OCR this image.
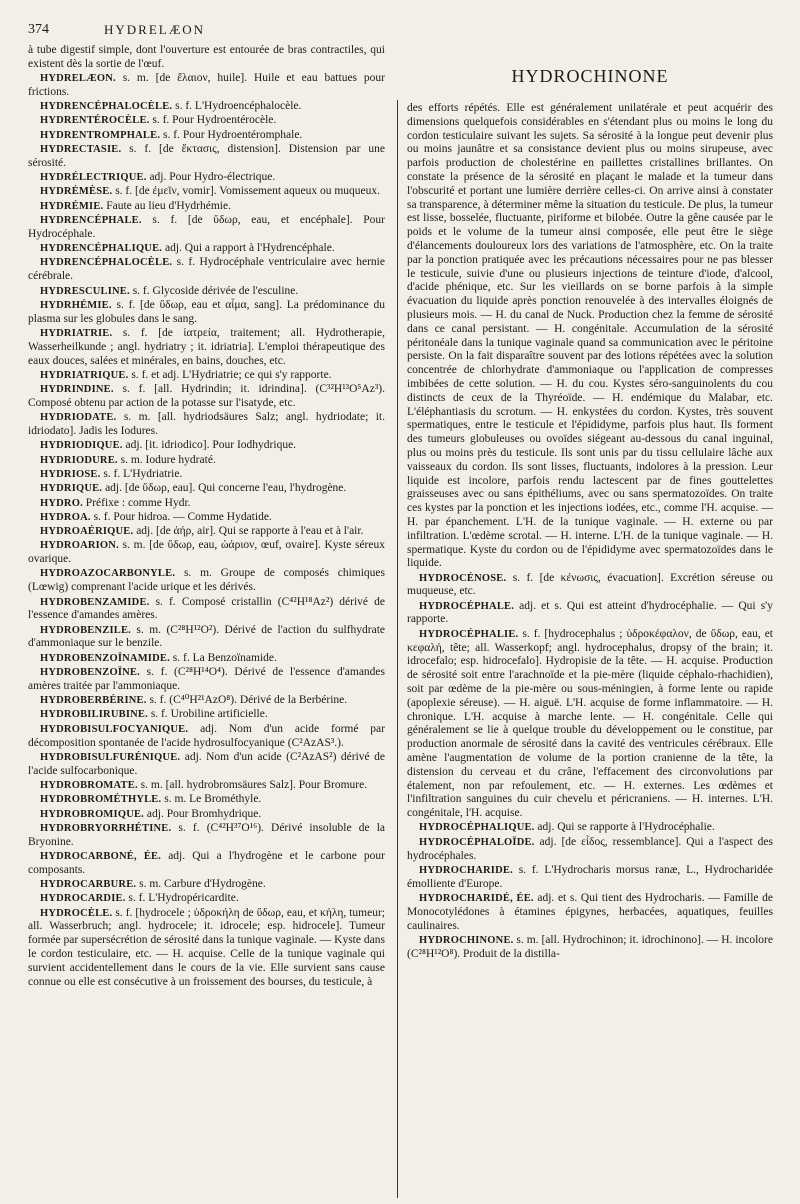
374	HYDRELÆON
HYDROCHINONE

à tube digestif simple, dont l'ouverture est entourée de bras contractiles, qui existent dès la sortie de l'œuf.

HYDRELÆON. s. m. [de ἔλαιον, huile]. Huile et eau battues pour frictions.

HYDRENCÉPHALOCÈLE. s. f. L'Hydroencéphalocèle.

HYDRENTÉROCÈLE. s. f. Pour Hydroentérocèle.

HYDRENTROMPHALE. s. f. Pour Hydroentéromphale.

HYDRECTASIE. s. f. [de ἔκτασις, distension]. Distension par une sérosité.

HYDRÉLECTRIQUE. adj. Pour Hydro-électrique.

HYDRÉMÈSE. s. f. [de ἐμεῖν, vomir]. Vomissement aqueux ou muqueux.

HYDRÉMIE. Faute au lieu d'Hydrhémie.

HYDRENCÉPHALE. s. f. [de ὕδωρ, eau, et encéphale]. Pour Hydrocéphale.

HYDRENCÉPHALIQUE. adj. Qui a rapport à l'Hydrencéphale.

HYDRENCÉPHALOCÈLE. s. f. Hydrocéphale ventriculaire avec hernie cérébrale.

HYDRESCULINE. s. f. Glycoside dérivée de l'esculine.

HYDRHÉMIE. s. f. [de ὕδωρ, eau et αἷμα, sang]. La prédominance du plasma sur les globules dans le sang.

HYDRIATRIE. s. f. [de ἰατρεία, traitement; all. Hydrotherapie, Wasserheilkunde ; angl. hydriatry ; it. idriatria]. L'emploi thérapeutique des eaux douces, salées et minérales, en bains, douches, etc.

HYDRIATRIQUE. s. f. et adj. L'Hydriatrie; ce qui s'y rapporte.

HYDRINDINE. s. f. [all. Hydrindin; it. idrindina]. (C³²H¹³O⁵Az³). Composé obtenu par action de la potasse sur l'isatyde, etc.

HYDRIODATE. s. m. [all. hydriodsäures Salz; angl. hydriodate; it. idriodato]. Jadis les Iodures.

HYDRIODIQUE. adj. [it. idriodico]. Pour Iodhydrique.

HYDRIODURE. s. m. Iodure hydraté.

HYDRIOSE. s. f. L'Hydriatrie.

HYDRIQUE. adj. [de ὕδωρ, eau]. Qui concerne l'eau, l'hydrogène.

HYDRO. Préfixe : comme Hydr.

HYDROA. s. f. Pour hidroa. — Comme Hydatide.

HYDROAÉRIQUE. adj. [de ἀήρ, air]. Qui se rapporte à l'eau et à l'air.

HYDROARION. s. m. [de ὕδωρ, eau, ὠάριον, œuf, ovaire]. Kyste séreux ovarique.

HYDROAZOCARBONYLE. s. m. Groupe de composés chimiques (Lœwig) comprenant l'acide urique et les dérivés.

HYDROBENZAMIDE. s. f. Composé cristallin (C⁴²H¹⁸Az²) dérivé de l'essence d'amandes amères.

HYDROBENZILE. s. m. (C²⁸H¹²O²). Dérivé de l'action du sulfhydrate d'ammoniaque sur le benzile.

HYDROBENZOÏNAMIDE. s. f. La Benzoïnamide.

HYDROBENZOÏNE. s. f. (C²⁸H¹⁴O⁴). Dérivé de l'essence d'amandes amères traitée par l'ammoniaque.

HYDROBERBÉRINE. s. f. (C⁴⁰H²¹AzO⁸). Dérivé de la Berbérine.

HYDROBILIRUBINE. s. f. Urobiline artificielle.

HYDROBISULFOCYANIQUE. adj. Nom d'un acide formé par décomposition spontanée de l'acide hydrosulfocyanique (C²AzAS³.).

HYDROBISULFURÉNIQUE. adj. Nom d'un acide (C²AzAS²) dérivé de l'acide sulfocarbonique.

HYDROBROMATE. s. m. [all. hydrobromsäures Salz]. Pour Bromure.

HYDROBROMÉTHYLE. s. m. Le Brométhyle.

HYDROBROMIQUE. adj. Pour Bromhydrique.

HYDROBRYORRHÉTINE. s. f. (C⁴²H³⁷O¹⁶). Dérivé insoluble de la Bryonine.

HYDROCARBONÉ, ÉE. adj. Qui a l'hydrogène et le carbone pour composants.

HYDROCARBURE. s. m. Carbure d'Hydrogène.

HYDROCARDIE. s. f. L'Hydropéricardite.

HYDROCÈLE. s. f. [hydrocele ; ὑδροκήλη de ὕδωρ, eau, et κήλη, tumeur; all. Wasserbruch; angl. hydrocele; it. idrocele; esp. hidrocele]. Tumeur formée par supersécrétion de sérosité dans la tunique vaginale. — Kyste dans le cordon testiculaire, etc. — H. acquise. Celle de la tunique vaginale qui survient accidentellement dans le cours de la vie. Elle survient sans cause connue ou elle est consécutive à un froissement des bourses, du testicule, à

des efforts répétés. Elle est généralement unilatérale et peut acquérir des dimensions quelquefois considérables en s'étendant plus ou moins le long du cordon testiculaire suivant les sujets. Sa sérosité à la longue peut devenir plus ou moins jaunâtre et sa consistance devient plus ou moins sirupeuse, avec parfois production de cholestérine en paillettes cristallines brillantes. On constate la présence de la sérosité en plaçant le malade et la tumeur dans l'obscurité et portant une lumière derrière celles-ci. On arrive ainsi à constater sa transparence, à déterminer même la situation du testicule. De plus, la tumeur est lisse, bosselée, fluctuante, piriforme et bilobée. Outre la gêne causée par le poids et le volume de la tumeur ainsi composée, elle peut être le siège d'élancements douloureux lors des variations de l'atmosphère, etc. On la traite par la ponction pratiquée avec les précautions nécessaires pour ne pas blesser le testicule, suivie d'une ou plusieurs injections de teinture d'iode, d'alcool, d'acide phénique, etc. Sur les vieillards on se borne parfois à la simple évacuation du liquide après ponction renouvelée à des intervalles éloignés de plusieurs mois. — H. du canal de Nuck. Production chez la femme de sérosité dans ce canal persistant. — H. congénitale. Accumulation de la sérosité péritonéale dans la tunique vaginale quand sa communication avec le péritoine persiste. On la fait disparaître souvent par des lotions répétées avec la solution concentrée de chlorhydrate d'ammoniaque ou l'application de compresses imbibées de cette solution. — H. du cou. Kystes séro-sanguinolents du cou distincts de ceux de la Thyréoïde. — H. endémique du Malabar, etc. L'éléphantiasis du scrotum. — H. enkystées du cordon. Kystes, très souvent spermatiques, entre le testicule et l'épididyme, parfois plus haut. Ils forment des tumeurs globuleuses ou ovoïdes siégeant au-dessous du canal inguinal, plus ou moins près du testicule. Ils sont unis par du tissu cellulaire lâche aux vaisseaux du cordon. Ils sont lisses, fluctuants, indolores à la pression. Leur liquide est incolore, parfois rendu lactescent par de fines gouttelettes graisseuses avec ou sans épithéliums, avec ou sans spermatozoïdes. On traite ces kystes par la ponction et les injections iodées, etc., comme l'H. acquise. — H. par épanchement. L'H. de la tunique vaginale. — H. externe ou par infiltration. L'œdème scrotal. — H. interne. L'H. de la tunique vaginale. — H. spermatique. Kyste du cordon ou de l'épididyme avec spermatozoïdes dans le liquide.

HYDROCÉNOSE. s. f. [de κένωσις, évacuation]. Excrétion séreuse ou muqueuse, etc.

HYDROCÉPHALE. adj. et s. Qui est atteint d'hydrocéphalie. — Qui s'y rapporte.

HYDROCÉPHALIE. s. f. [hydrocephalus ; ὑδροκέφαλον, de ὕδωρ, eau, et κεφαλή, tête; all. Wasserkopf; angl. hydrocephalus, dropsy of the brain; it. idrocefalo; esp. hidrocefalo]. Hydropisie de la tête. — H. acquise. Production de sérosité soit entre l'arachnoïde et la pie-mère (liquide céphalo-rhachidien), soit par œdème de la pie-mère ou sous-méningien, à forme lente ou rapide (apoplexie séreuse). — H. aiguë. L'H. acquise de forme inflammatoire. — H. chronique. L'H. acquise à marche lente. — H. congénitale. Celle qui généralement se lie à quelque trouble du développement ou le constitue, par production anormale de sérosité dans la cavité des ventricules cérébraux. Elle amène l'augmentation de volume de la portion cranienne de la tête, la distension du cerveau et du crâne, l'effacement des circonvolutions par étalement, non par refoulement, etc. — H. externes. Les œdèmes et l'infiltration sanguines du cuir chevelu et péricraniens. — H. internes. L'H. congénitale, l'H. acquise.

HYDROCÉPHALIQUE. adj. Qui se rapporte à l'Hydrocéphalie.

HYDROCÉPHALOÏDE. adj. [de εἶδος, ressemblance]. Qui a l'aspect des hydrocéphales.

HYDROCHARIDE. s. f. L'Hydrocharis morsus ranæ, L., Hydrocharidée émolliente d'Europe.

HYDROCHARIDÉ, ÉE. adj. et s. Qui tient des Hydrocharis. — Famille de Monocotylédones à étamines épigynes, herbacées, aquatiques, feuilles caulinaires.

HYDROCHINONE. s. m. [all. Hydrochinon; it. idrochinono]. — H. incolore (C²⁸H¹²O⁸). Produit de la distilla-
